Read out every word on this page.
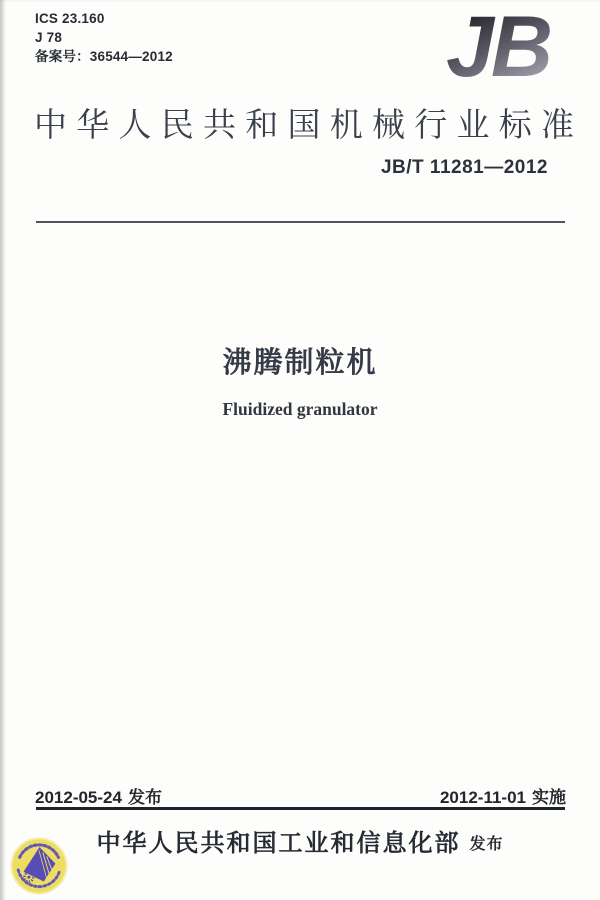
ICS 23.160
J 78
备案号：36544—2012	JB
中华人民共和国机械行业标准
JB/T 11281—2012
沸腾制粒机
Fluidized granulator
2012-05-24 发布	2012-11-01 实施
中华人民共和国工业和信息化部 发布
